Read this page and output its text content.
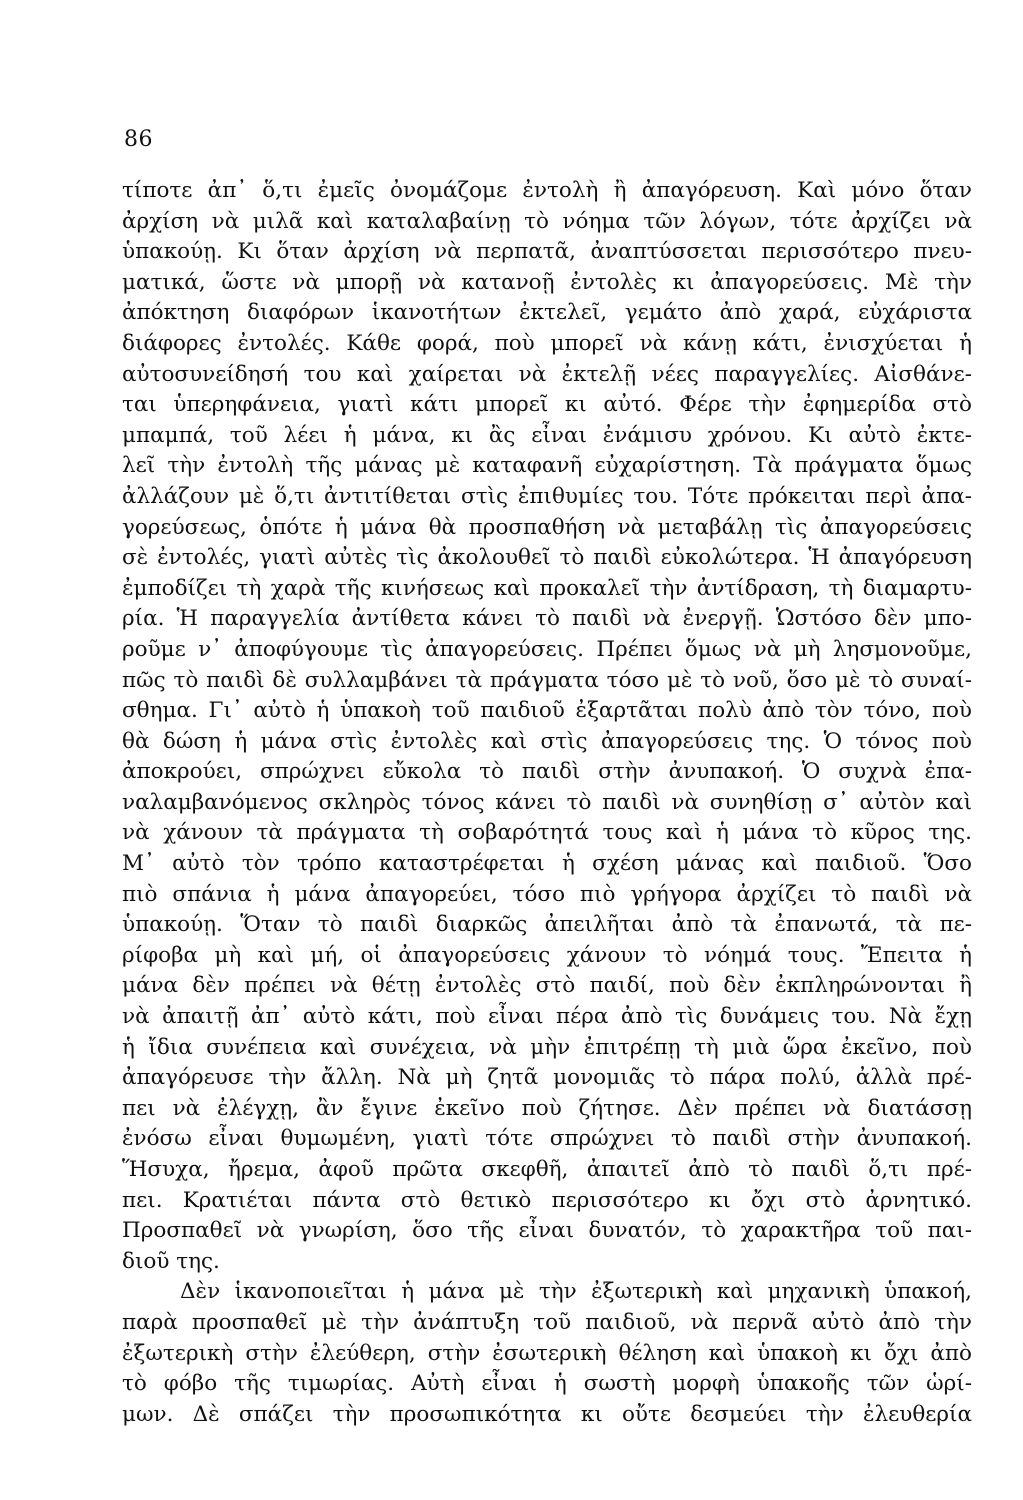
86
τίποτε ἀπ᾽ ὅ,τι ἐμεῖς ὀνομάζομε ἐντολὴ ἢ ἀπαγόρευση. Καὶ μόνο ὅταν
ἀρχίση νὰ μιλᾶ καὶ καταλαβαίνῃ τὸ νόημα τῶν λόγων, τότε ἀρχίζει νὰ
ὑπακούῃ. Κι ὅταν ἀρχίση νὰ περπατᾶ, ἀναπτύσσεται περισσότερο πνευ-
ματικά, ὥστε νὰ μπορῇ νὰ κατανοῇ ἐντολὲς κι ἀπαγορεύσεις. Μὲ τὴν
ἀπόκτηση διαφόρων ἱκανοτήτων ἐκτελεῖ, γεμάτο ἀπὸ χαρά, εὐχάριστα
διάφορες ἐντολές. Κάθε φορά, ποὺ μπορεῖ νὰ κάνῃ κάτι, ἐνισχύεται ἡ
αὐτοσυνείδησή του καὶ χαίρεται νὰ ἐκτελῇ νέες παραγγελίες. Αἰσθάνε-
ται ὑπερηφάνεια, γιατὶ κάτι μπορεῖ κι αὐτό. Φέρε τὴν ἐφημερίδα στὸ
μπαμπά, τοῦ λέει ἡ μάνα, κι ἂς εἶναι ἐνάμισυ χρόνου. Κι αὐτὸ ἐκτε-
λεῖ τὴν ἐντολὴ τῆς μάνας μὲ καταφανῆ εὐχαρίστηση. Τὰ πράγματα ὅμως
ἀλλάζουν μὲ ὅ,τι ἀντιτίθεται στὶς ἐπιθυμίες του. Τότε πρόκειται περὶ ἀπα-
γορεύσεως, ὁπότε ἡ μάνα θὰ προσπαθήση νὰ μεταβάλῃ τὶς ἀπαγορεύσεις
σὲ ἐντολές, γιατὶ αὐτὲς τὶς ἀκολουθεῖ τὸ παιδὶ εὐκολώτερα. Ἡ ἀπαγόρευση
ἐμποδίζει τὴ χαρὰ τῆς κινήσεως καὶ προκαλεῖ τὴν ἀντίδραση, τὴ διαμαρτυ-
ρία. Ἡ παραγγελία ἀντίθετα κάνει τὸ παιδὶ νὰ ἐνεργῇ. Ὡστόσο δὲν μπο-
ροῦμε ν᾽ ἀποφύγουμε τὶς ἀπαγορεύσεις. Πρέπει ὅμως νὰ μὴ λησμονοῦμε,
πῶς τὸ παιδὶ δὲ συλλαμβάνει τὰ πράγματα τόσο μὲ τὸ νοῦ, ὅσο μὲ τὸ συναί-
σθημα. Γι᾽ αὐτὸ ἡ ὑπακοὴ τοῦ παιδιοῦ ἐξαρτᾶται πολὺ ἀπὸ τὸν τόνο, ποὺ
θὰ δώση ἡ μάνα στὶς ἐντολὲς καὶ στὶς ἀπαγορεύσεις της. Ὁ τόνος ποὺ
ἀποκρούει, σπρώχνει εὔκολα τὸ παιδὶ στὴν ἀνυπακοή. Ὁ συχνὰ ἐπα-
ναλαμβανόμενος σκληρὸς τόνος κάνει τὸ παιδὶ νὰ συνηθίσῃ σ᾽ αὐτὸν καὶ
νὰ χάνουν τὰ πράγματα τὴ σοβαρότητά τους καὶ ἡ μάνα τὸ κῦρος της.
Μ᾽ αὐτὸ τὸν τρόπο καταστρέφεται ἡ σχέση μάνας καὶ παιδιοῦ. Ὅσο
πιὸ σπάνια ἡ μάνα ἀπαγορεύει, τόσο πιὸ γρήγορα ἀρχίζει τὸ παιδὶ νὰ
ὑπακούῃ. Ὅταν τὸ παιδὶ διαρκῶς ἀπειλῆται ἀπὸ τὰ ἐπανωτά, τὰ πε-
ρίφοβα μὴ καὶ μή, οἱ ἀπαγορεύσεις χάνουν τὸ νόημά τους. Ἔπειτα ἡ
μάνα δὲν πρέπει νὰ θέτῃ ἐντολὲς στὸ παιδί, ποὺ δὲν ἐκπληρώνονται ἢ
νὰ ἀπαιτῇ ἀπ᾽ αὐτὸ κάτι, ποὺ εἶναι πέρα ἀπὸ τὶς δυνάμεις του. Νὰ ἔχῃ
ἡ ἴδια συνέπεια καὶ συνέχεια, νὰ μὴν ἐπιτρέπῃ τὴ μιὰ ὥρα ἐκεῖνο, ποὺ
ἀπαγόρευσε τὴν ἄλλη. Νὰ μὴ ζητᾶ μονομιᾶς τὸ πάρα πολύ, ἀλλὰ πρέ-
πει νὰ ἐλέγχῃ, ἂν ἔγινε ἐκεῖνο ποὺ ζήτησε. Δὲν πρέπει νὰ διατάσσῃ
ἐνόσω εἶναι θυμωμένη, γιατὶ τότε σπρώχνει τὸ παιδὶ στὴν ἀνυπακοή.
Ἥσυχα, ἤρεμα, ἀφοῦ πρῶτα σκεφθῆ, ἀπαιτεῖ ἀπὸ τὸ παιδὶ ὅ,τι πρέ-
πει. Κρατιέται πάντα στὸ θετικὸ περισσότερο κι ὄχι στὸ ἀρνητικό.
Προσπαθεῖ νὰ γνωρίση, ὅσο τῆς εἶναι δυνατόν, τὸ χαρακτῆρα τοῦ παι-
διοῦ της.
Δὲν ἱκανοποιεῖται ἡ μάνα μὲ τὴν ἐξωτερικὴ καὶ μηχανικὴ ὑπακοή,
παρὰ προσπαθεῖ μὲ τὴν ἀνάπτυξη τοῦ παιδιοῦ, νὰ περνᾶ αὐτὸ ἀπὸ τὴν
ἐξωτερικὴ στὴν ἐλεύθερη, στὴν ἐσωτερικὴ θέληση καὶ ὑπακοὴ κι ὄχι ἀπὸ
τὸ φόβο τῆς τιμωρίας. Αὐτὴ εἶναι ἡ σωστὴ μορφὴ ὑπακοῆς τῶν ὡρί-
μων. Δὲ σπάζει τὴν προσωπικότητα κι οὔτε δεσμεύει τὴν ἐλευθερία
